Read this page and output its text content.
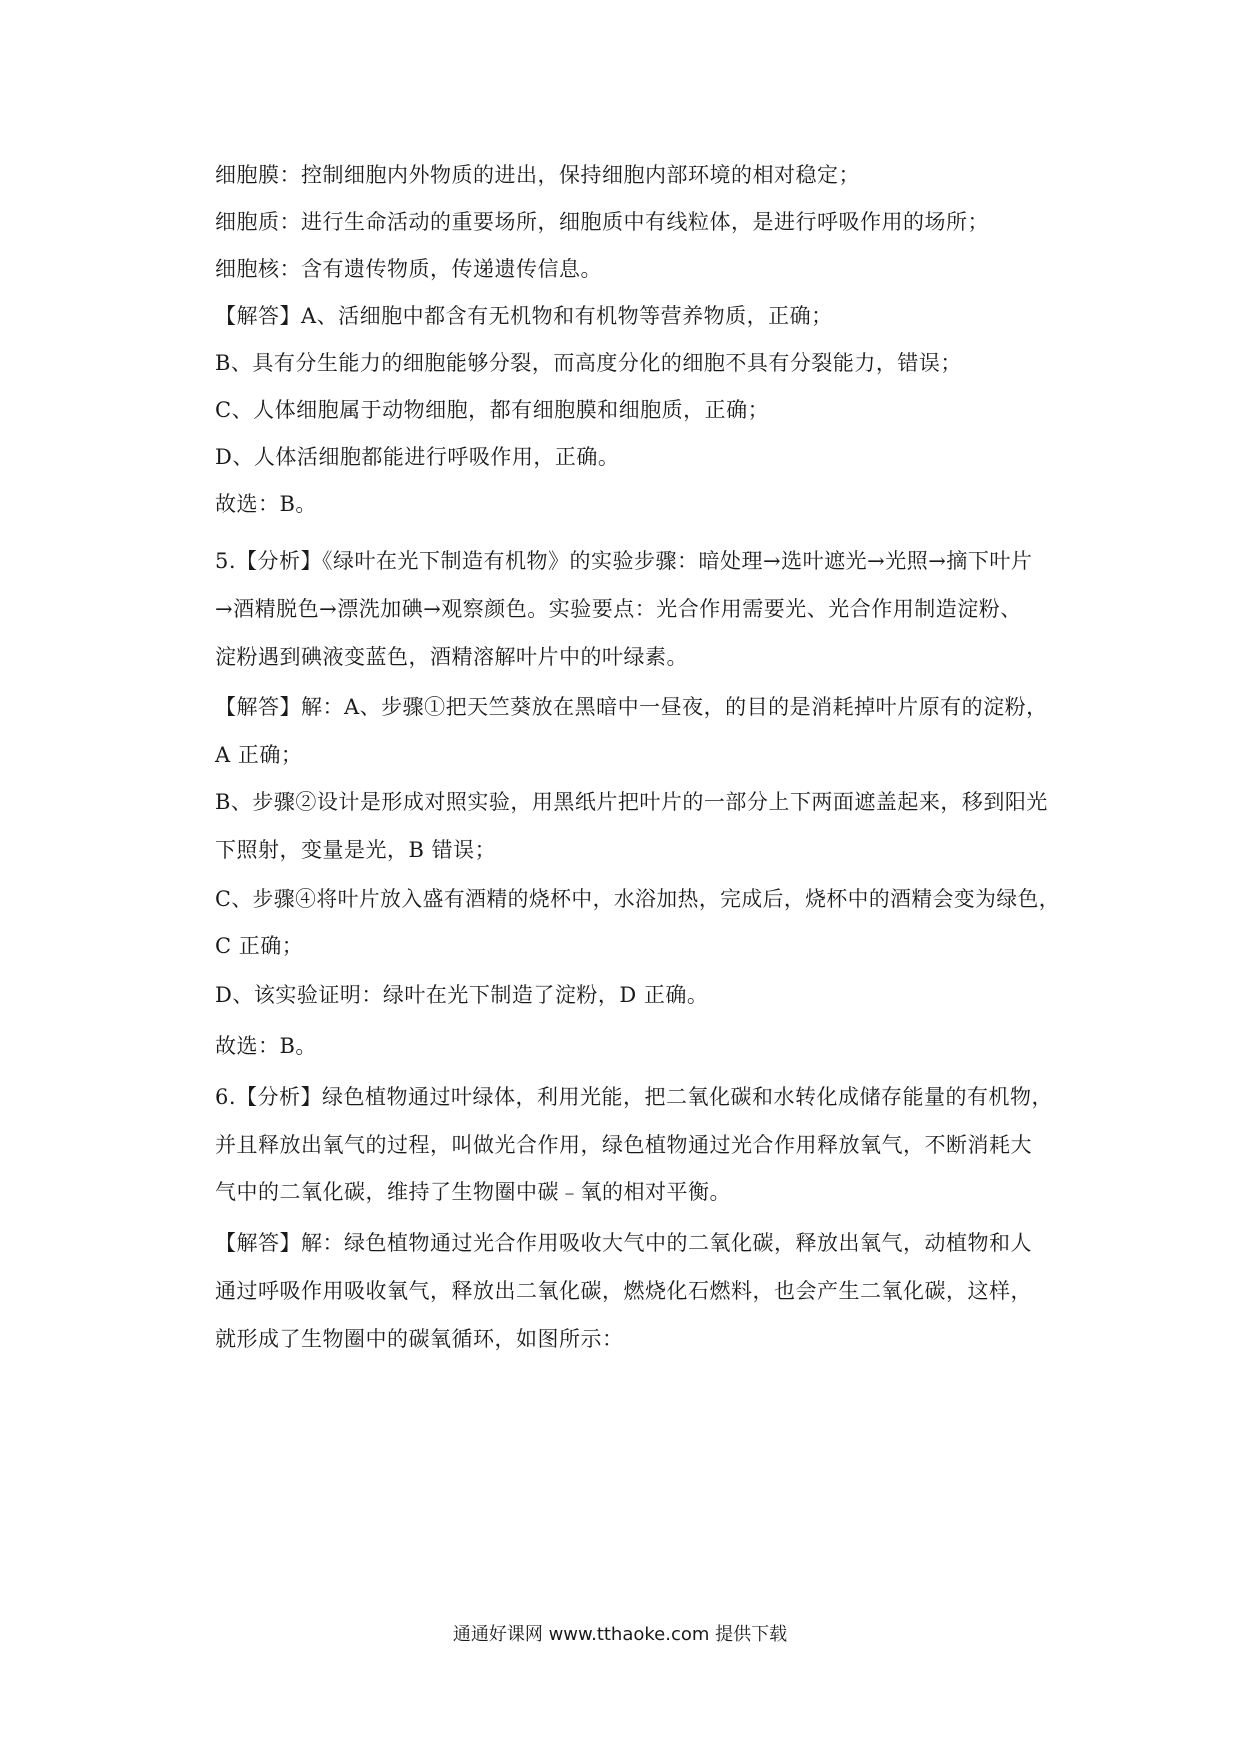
细胞膜：控制细胞内外物质的进出，保持细胞内部环境的相对稳定；
细胞质：进行生命活动的重要场所，细胞质中有线粒体，是进行呼吸作用的场所；
细胞核：含有遗传物质，传递遗传信息。
【解答】A、活细胞中都含有无机物和有机物等营养物质，正确；
B、具有分生能力的细胞能够分裂，而高度分化的细胞不具有分裂能力，错误；
C、人体细胞属于动物细胞，都有细胞膜和细胞质，正确；
D、人体活细胞都能进行呼吸作用，正确。
故选：B。
5.【分析】《绿叶在光下制造有机物》的实验步骤：暗处理→选叶遮光→光照→摘下叶片
→酒精脱色→漂洗加碘→观察颜色。实验要点：光合作用需要光、光合作用制造淀粉、
淀粉遇到碘液变蓝色，酒精溶解叶片中的叶绿素。
【解答】解：A、步骤①把天竺葵放在黑暗中一昼夜，的目的是消耗掉叶片原有的淀粉，
A 正确；
B、步骤②设计是形成对照实验，用黑纸片把叶片的一部分上下两面遮盖起来，移到阳光
下照射，变量是光，B 错误；
C、步骤④将叶片放入盛有酒精的烧杯中，水浴加热，完成后，烧杯中的酒精会变为绿色，
C 正确；
D、该实验证明：绿叶在光下制造了淀粉，D 正确。
故选：B。
6.【分析】绿色植物通过叶绿体，利用光能，把二氧化碳和水转化成储存能量的有机物，
并且释放出氧气的过程，叫做光合作用，绿色植物通过光合作用释放氧气，不断消耗大
气中的二氧化碳，维持了生物圈中碳﹣氧的相对平衡。
【解答】解：绿色植物通过光合作用吸收大气中的二氧化碳，释放出氧气，动植物和人
通过呼吸作用吸收氧气，释放出二氧化碳，燃烧化石燃料，也会产生二氧化碳，这样，
就形成了生物圈中的碳氧循环，如图所示：
通通好课网 www.tthaoke.com 提供下载
